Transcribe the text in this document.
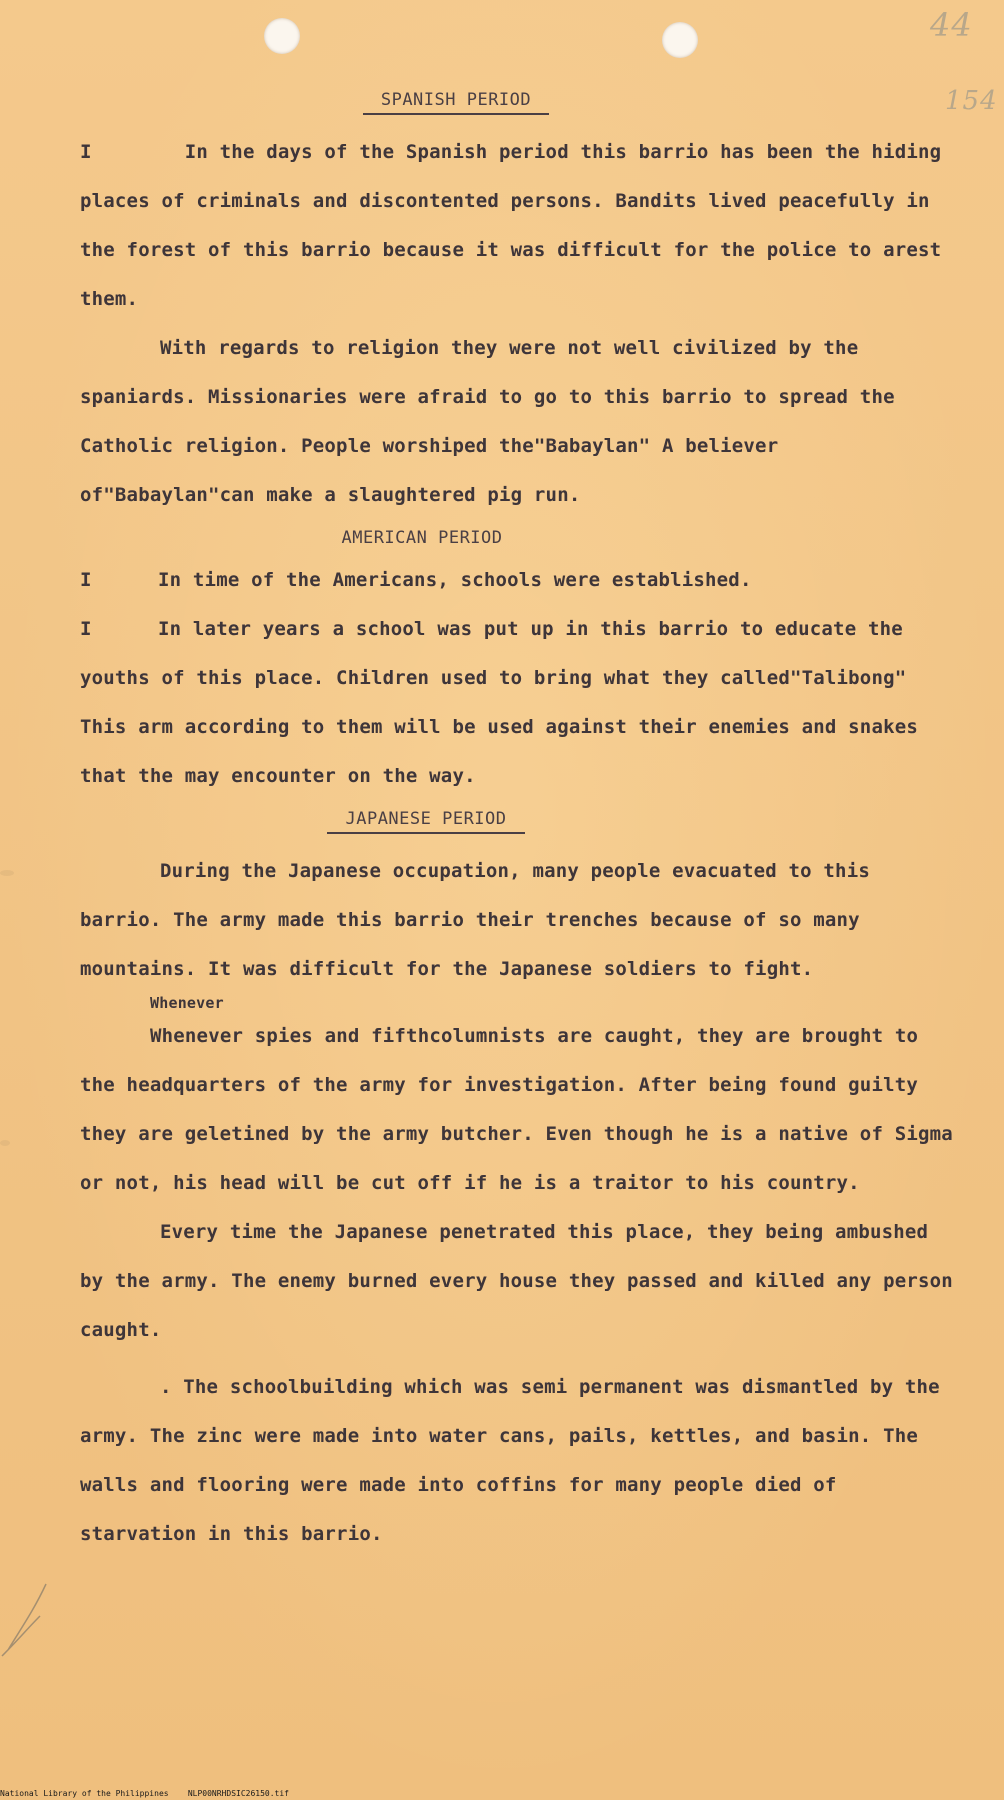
44
154
SPANISH PERIOD

I        In the days of the Spanish period this barrio has been the hiding places of criminals and discontented persons. Bandits lived peacefully in the forest of this barrio because it was difficult for the police to arest them.

With regards to religion they were not well civilized by the spaniards. Missionaries were afraid to go to this barrio to spread the Catholic religion. People worshiped the"Babaylan" A believer of"Babaylan"can make a slaughtered pig run.

AMERICAN PERIOD

I	In time of the Americans, schools were established.

I	In later years a school was put up in this barrio to educate the youths of this place. Children used to bring what they called"Talibong" This arm according to them will be used against their enemies and snakes that the may encounter on the way.

JAPANESE PERIOD

During the Japanese occupation, many people evacuated to this barrio. The army made this barrio their trenches because of so many mountains. It was difficult for the Japanese soldiers to fight.

Whenever

Whenever spies and fifthcolumnists are caught, they are brought to the headquarters of the army for investigation. After being found guilty they are geletined by the army butcher. Even though he is a native of Sigma or not, his head will be cut off if he is a traitor to his country.

Every time the Japanese penetrated this place, they being ambushed by the army. The enemy burned every house they passed and killed any person caught.

. The schoolbuilding which was semi permanent was dismantled by the army. The zinc were made into water cans, pails, kettles, and basin. The walls and flooring were made into coffins for many people died of starvation in this barrio.

National Library of the Philippines    NLP00NRHDSIC26150.tif
